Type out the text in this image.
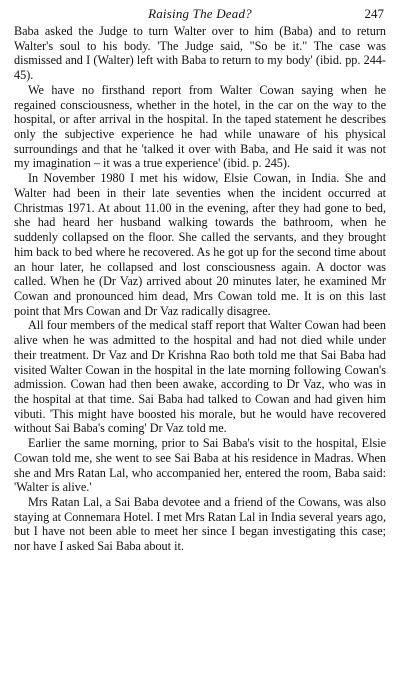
Raising The Dead?	247

Baba asked the Judge to turn Walter over to him (Baba) and to return Walter's soul to his body. 'The Judge said, "So be it." The case was dismissed and I (Walter) left with Baba to return to my body' (ibid. pp. 244-45).

We have no firsthand report from Walter Cowan saying when he regained consciousness, whether in the hotel, in the car on the way to the hospital, or after arrival in the hospital. In the taped statement he describes only the subjective experience he had while unaware of his physical surroundings and that he 'talked it over with Baba, and He said it was not my imagination – it was a true experience' (ibid. p. 245).

In November 1980 I met his widow, Elsie Cowan, in India. She and Walter had been in their late seventies when the incident occurred at Christmas 1971. At about 11.00 in the evening, after they had gone to bed, she had heard her husband walking towards the bathroom, when he suddenly collapsed on the floor. She called the servants, and they brought him back to bed where he recovered. As he got up for the second time about an hour later, he collapsed and lost consciousness again. A doctor was called. When he (Dr Vaz) arrived about 20 minutes later, he examined Mr Cowan and pronounced him dead, Mrs Cowan told me. It is on this last point that Mrs Cowan and Dr Vaz radically disagree.

All four members of the medical staff report that Walter Cowan had been alive when he was admitted to the hospital and had not died while under their treatment. Dr Vaz and Dr Krishna Rao both told me that Sai Baba had visited Walter Cowan in the hospital in the late morning following Cowan's admission. Cowan had then been awake, according to Dr Vaz, who was in the hospital at that time. Sai Baba had talked to Cowan and had given him vibuti. 'This might have boosted his morale, but he would have recovered without Sai Baba's coming' Dr Vaz told me.

Earlier the same morning, prior to Sai Baba's visit to the hospital, Elsie Cowan told me, she went to see Sai Baba at his residence in Madras. When she and Mrs Ratan Lal, who accompanied her, entered the room, Baba said: 'Walter is alive.'

Mrs Ratan Lal, a Sai Baba devotee and a friend of the Cowans, was also staying at Connemara Hotel. I met Mrs Ratan Lal in India several years ago, but I have not been able to meet her since I began investigating this case; nor have I asked Sai Baba about it.
